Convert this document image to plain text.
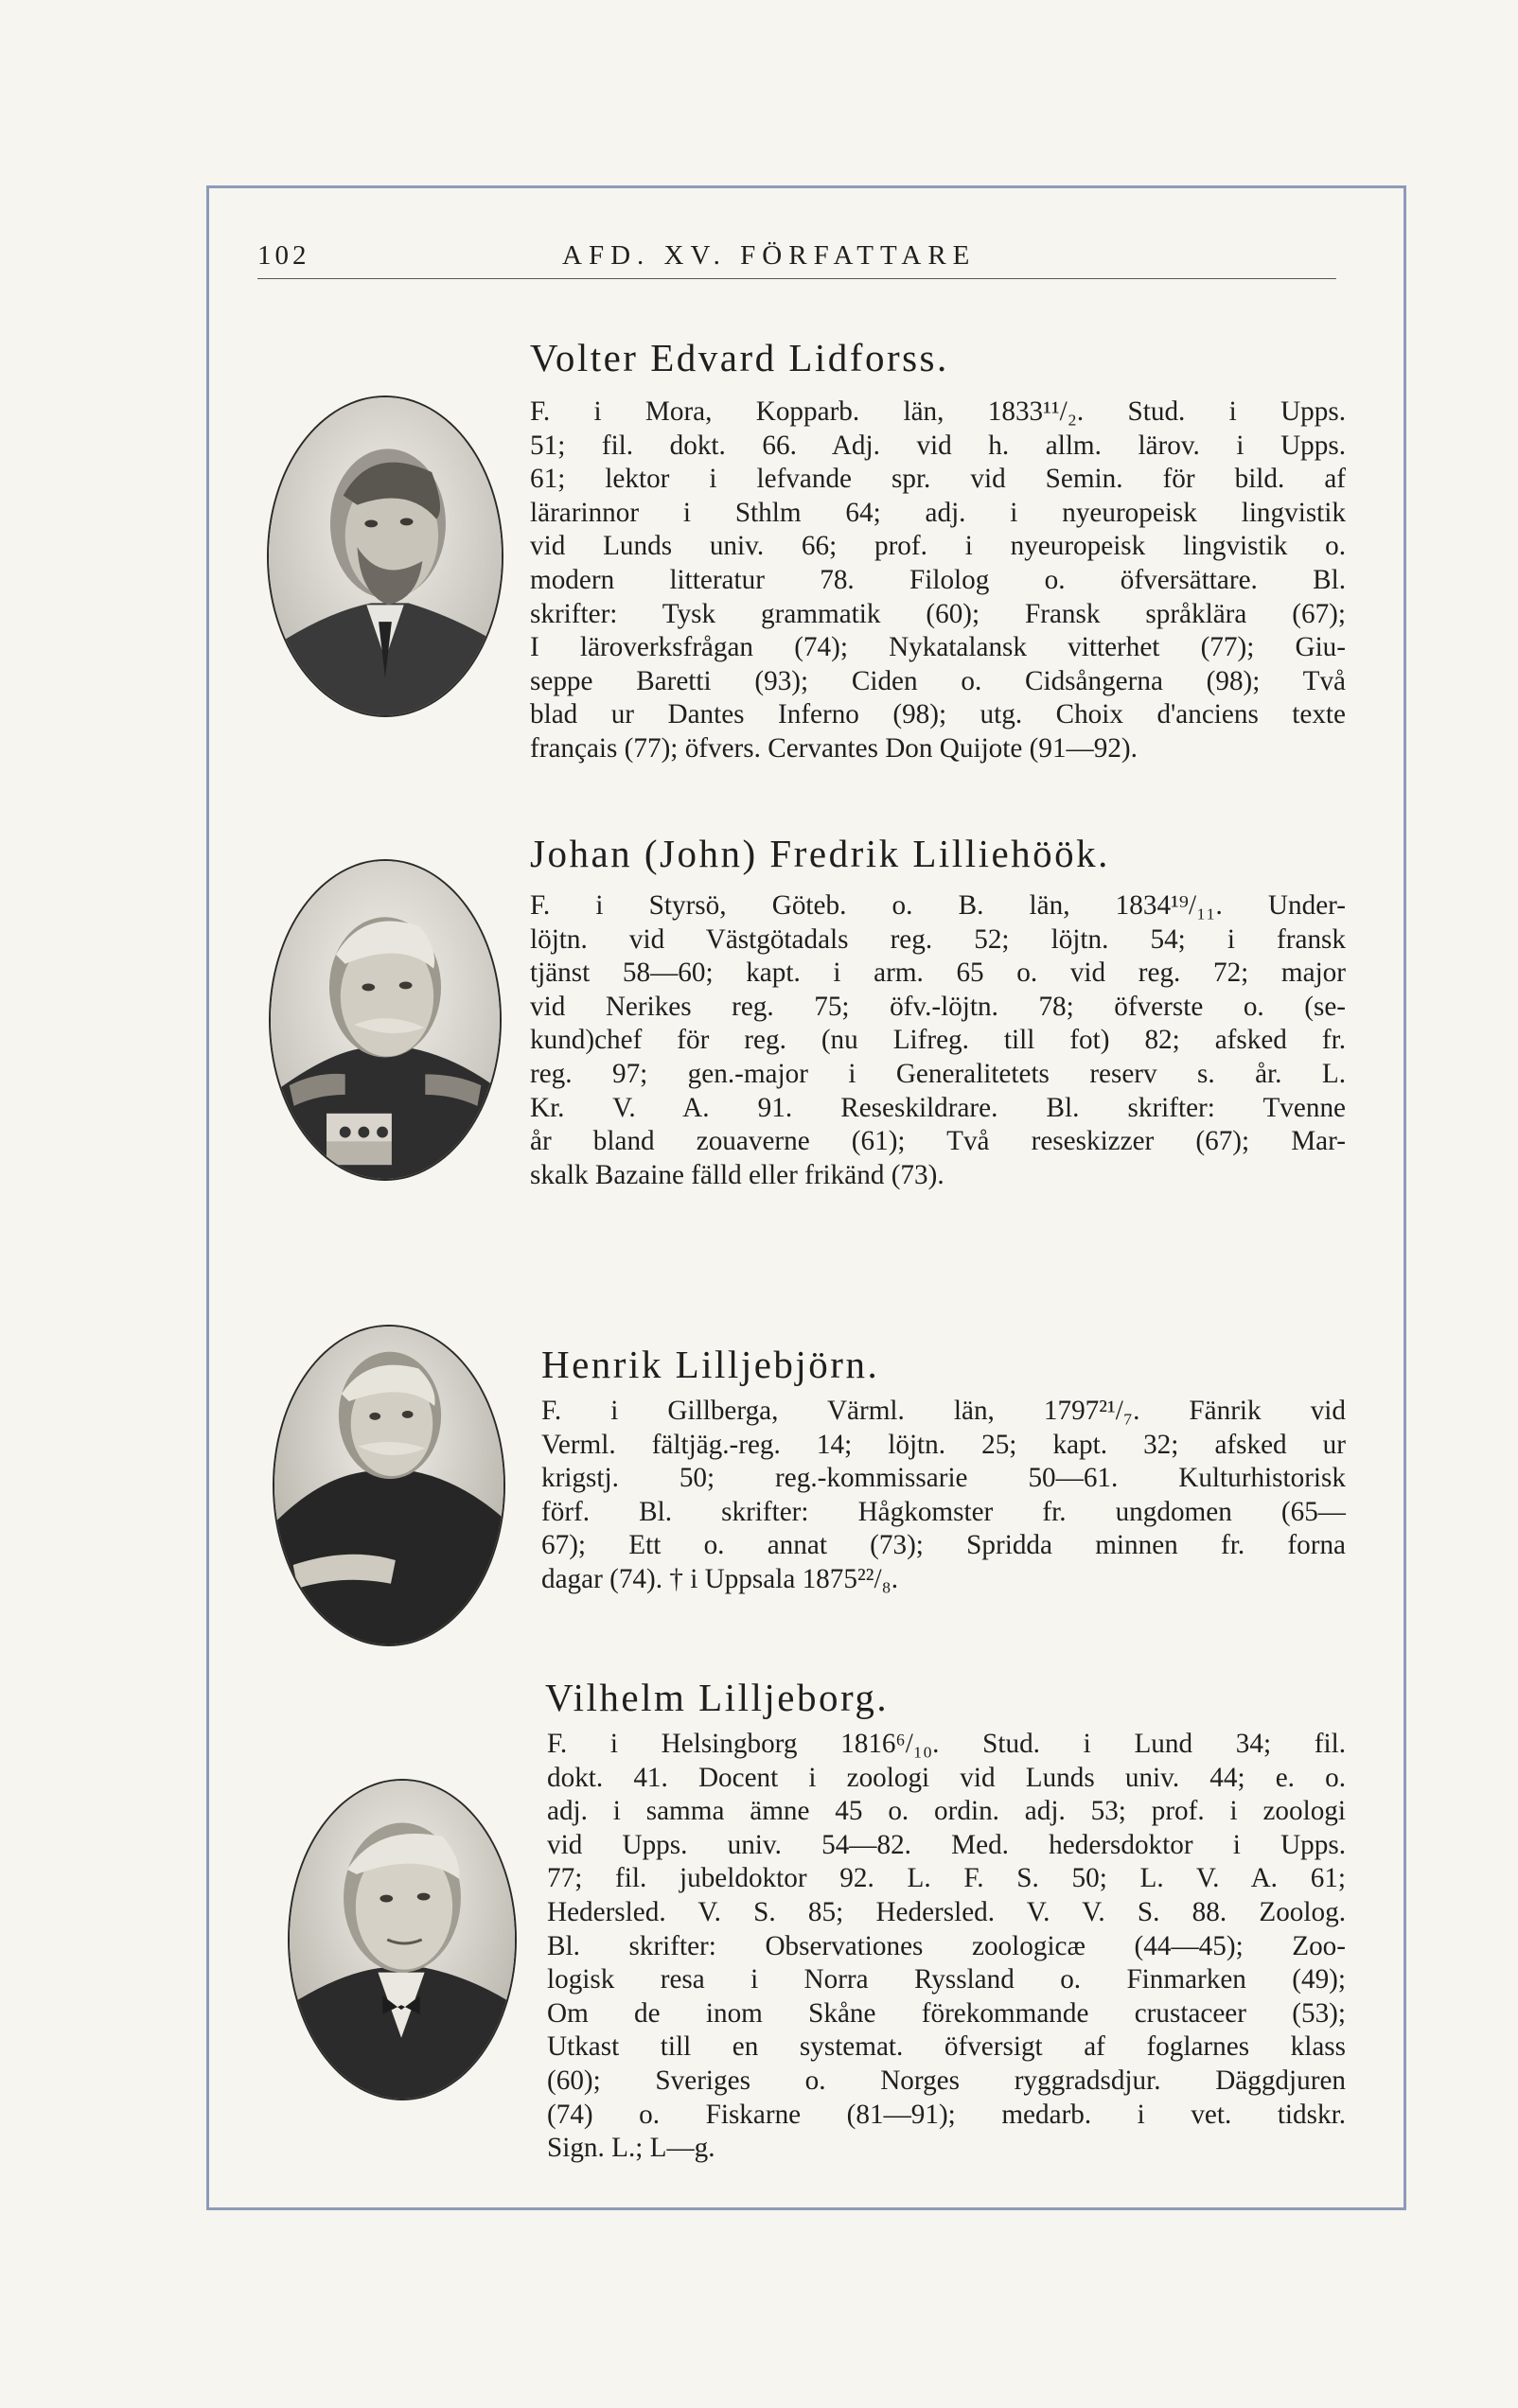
102	AFD. XV. FÖRFATTARE
Volter Edvard Lidforss.
F. i Mora, Kopparb. län, 1833¹¹/₂. Stud. i Upps.
51; fil. dokt. 66. Adj. vid h. allm. lärov. i Upps.
61; lektor i lefvande spr. vid Semin. för bild. af
lärarinnor i Sthlm 64; adj. i nyeuropeisk lingvistik
vid Lunds univ. 66; prof. i nyeuropeisk lingvistik o.
modern litteratur 78. Filolog o. öfversättare. Bl.
skrifter: Tysk grammatik (60); Fransk språklära (67);
I läroverksfrågan (74); Nykatalansk vitterhet (77); Giu-
seppe Baretti (93); Ciden o. Cidsångerna (98); Två
blad ur Dantes Inferno (98); utg. Choix d'anciens texte
français (77); öfvers. Cervantes Don Quijote (91—92).
Johan (John) Fredrik Lilliehöök.
F. i Styrsö, Göteb. o. B. län, 1834¹⁹/₁₁. Under-
löjtn. vid Västgötadals reg. 52; löjtn. 54; i fransk
tjänst 58—60; kapt. i arm. 65 o. vid reg. 72; major
vid Nerikes reg. 75; öfv.-löjtn. 78; öfverste o. (se-
kund)chef för reg. (nu Lifreg. till fot) 82; afsked fr.
reg. 97; gen.-major i Generalitetets reserv s. år. L.
Kr. V. A. 91. Reseskildrare. Bl. skrifter: Tvenne
år bland zouaverne (61); Två reseskizzer (67); Mar-
skalk Bazaine fälld eller frikänd (73).
Henrik Lilljebjörn.
F. i Gillberga, Värml. län, 1797²¹/₇. Fänrik vid
Verml. fältjäg.-reg. 14; löjtn. 25; kapt. 32; afsked ur
krigstj. 50; reg.-kommissarie 50—61. Kulturhistorisk
förf. Bl. skrifter: Hågkomster fr. ungdomen (65—
67); Ett o. annat (73); Spridda minnen fr. forna
dagar (74). † i Uppsala 1875²²/₈.
Vilhelm Lilljeborg.
F. i Helsingborg 1816⁶/₁₀. Stud. i Lund 34; fil.
dokt. 41. Docent i zoologi vid Lunds univ. 44; e. o.
adj. i samma ämne 45 o. ordin. adj. 53; prof. i zoologi
vid Upps. univ. 54—82. Med. hedersdoktor i Upps.
77; fil. jubeldoktor 92. L. F. S. 50; L. V. A. 61;
Hedersled. V. S. 85; Hedersled. V. V. S. 88. Zoolog.
Bl. skrifter: Observationes zoologicæ (44—45); Zoo-
logisk resa i Norra Ryssland o. Finmarken (49);
Om de inom Skåne förekommande crustaceer (53);
Utkast till en systemat. öfversigt af foglarnes klass
(60); Sveriges o. Norges ryggradsdjur. Däggdjuren
(74) o. Fiskarne (81—91); medarb. i vet. tidskr.
Sign. L.; L—g.
